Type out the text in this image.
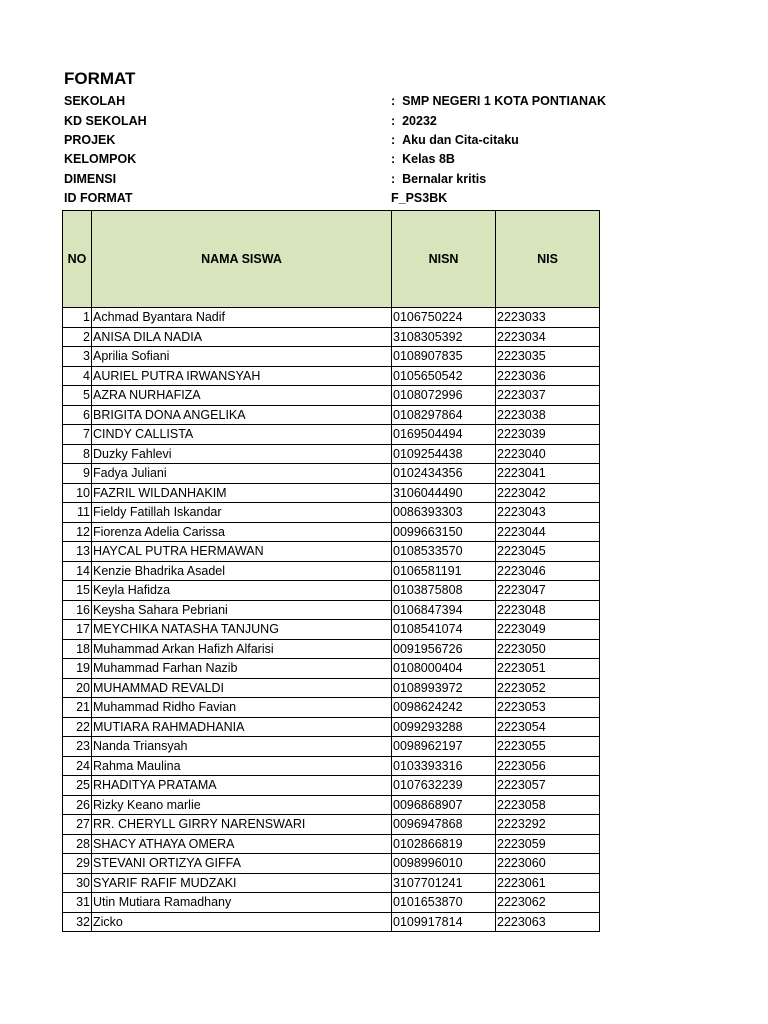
FORMAT
SEKOLAH	:  SMP NEGERI 1 KOTA PONTIANAK
KD SEKOLAH	:  20232
PROJEK	:  Aku dan Cita-citaku
KELOMPOK	:  Kelas 8B
DIMENSI	:  Bernalar kritis
ID FORMAT	F_PS3BK
NO	NAMA SISWA	NISN	NIS
1	Achmad Byantara Nadif	0106750224	2223033
2	ANISA DILA NADIA	3108305392	2223034
3	Aprilia Sofiani	0108907835	2223035
4	AURIEL PUTRA IRWANSYAH	0105650542	2223036
5	AZRA NURHAFIZA	0108072996	2223037
6	BRIGITA DONA ANGELIKA	0108297864	2223038
7	CINDY CALLISTA	0169504494	2223039
8	Duzky Fahlevi	0109254438	2223040
9	Fadya Juliani	0102434356	2223041
10	FAZRIL WILDANHAKIM	3106044490	2223042
11	Fieldy Fatillah Iskandar	0086393303	2223043
12	Fiorenza Adelia Carissa	0099663150	2223044
13	HAYCAL PUTRA HERMAWAN	0108533570	2223045
14	Kenzie Bhadrika Asadel	0106581191	2223046
15	Keyla Hafidza	0103875808	2223047
16	Keysha Sahara Pebriani	0106847394	2223048
17	MEYCHIKA NATASHA TANJUNG	0108541074	2223049
18	Muhammad Arkan Hafizh Alfarisi	0091956726	2223050
19	Muhammad Farhan Nazib	0108000404	2223051
20	MUHAMMAD REVALDI	0108993972	2223052
21	Muhammad Ridho Favian	0098624242	2223053
22	MUTIARA RAHMADHANIA	0099293288	2223054
23	Nanda Triansyah	0098962197	2223055
24	Rahma Maulina	0103393316	2223056
25	RHADITYA PRATAMA	0107632239	2223057
26	Rizky Keano marlie	0096868907	2223058
27	RR. CHERYLL GIRRY NARENSWARI	0096947868	2223292
28	SHACY ATHAYA OMERA	0102866819	2223059
29	STEVANI ORTIZYA GIFFA	0098996010	2223060
30	SYARIF RAFIF MUDZAKI	3107701241	2223061
31	Utin Mutiara Ramadhany	0101653870	2223062
32	Zicko	0109917814	2223063
